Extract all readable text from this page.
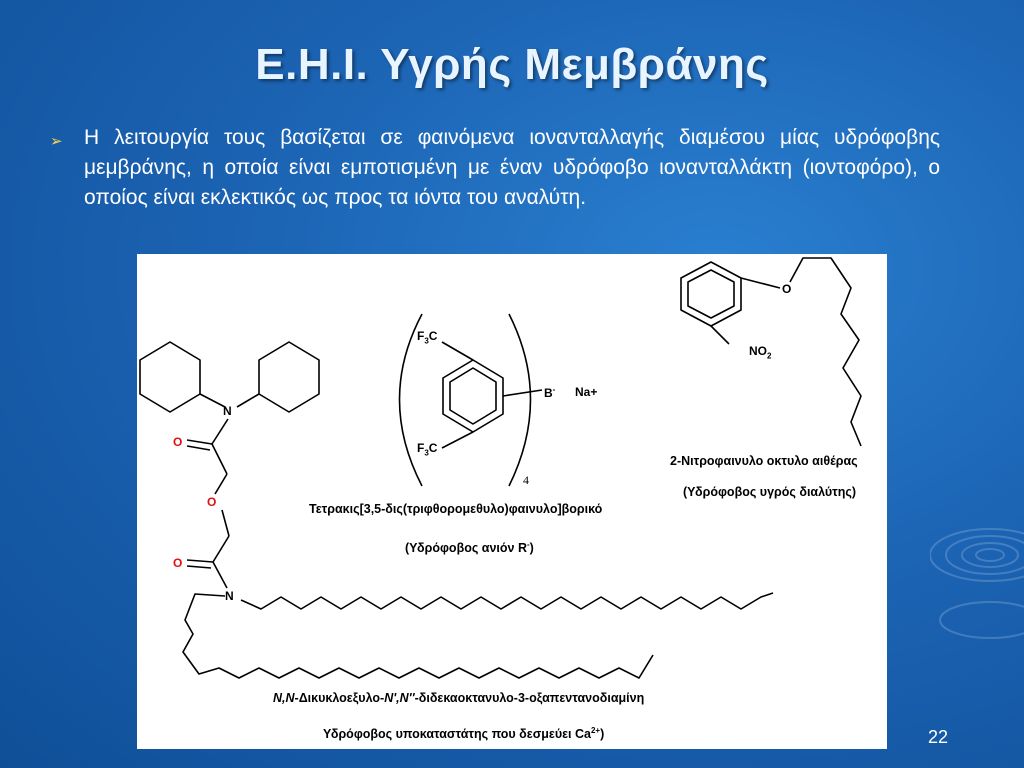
Ε.Η.Ι. Υγρής Μεμβράνης
➢ Η λειτουργία τους βασίζεται σε φαινόμενα ιονανταλλαγής διαμέσου μίας υδρόφοβης μεμβράνης, η οποία είναι εμποτισμένη με έναν υδρόφοβο ιονανταλλάκτη (ιοντοφόρο), ο οποίος είναι εκλεκτικός ως προς τα ιόντα του αναλύτη.
N
O
O
O
N
$F_3C$
$F_3C$
B- Na+
4
O
$NO_2$
Τετρακις[3,5-δις(τριφθορομεθυλο)φαινυλο]βορικό
(Υδρόφοβος ανιόν R-)
2-Νιτροφαινυλο οκτυλο αιθέρας
(Υδρόφοβος υγρός διαλύτης)
N,N-Δικυκλοεξυλο-N',N''-διδεκαοκτανυλο-3-οξαπεντανοδιαμίνη
Υδρόφοβος υποκαταστάτης που δεσμεύει $Ca^{2+}$)	22
